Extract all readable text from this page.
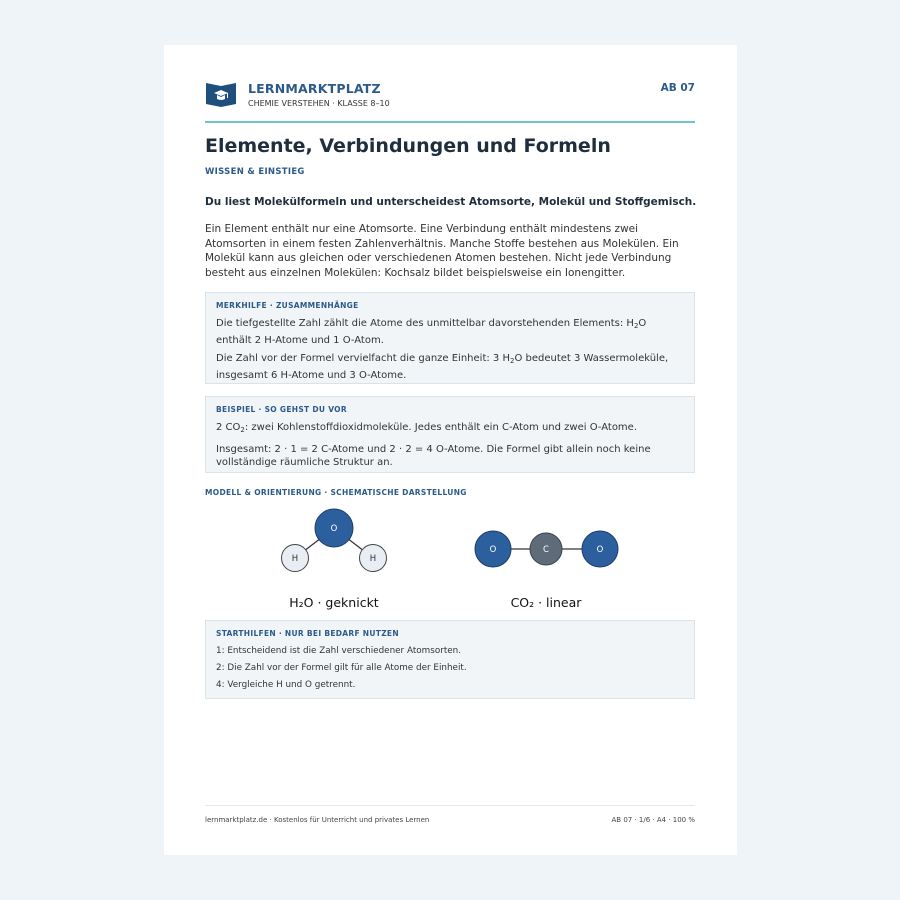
LERNMARKTPLATZ
CHEMIE VERSTEHEN · KLASSE 8–10
AB 07
Elemente, Verbindungen und Formeln
WISSEN & EINSTIEG
Du liest Molekülformeln und unterscheidest Atomsorte, Molekül und Stoffgemisch.
Ein Element enthält nur eine Atomsorte. Eine Verbindung enthält mindestens zwei Atomsorten in einem festen Zahlenverhältnis. Manche Stoffe bestehen aus Molekülen. Ein Molekül kann aus gleichen oder verschiedenen Atomen bestehen. Nicht jede Verbindung besteht aus einzelnen Molekülen: Kochsalz bildet beispielsweise ein Ionengitter.
MERKHILFE · ZUSAMMENHÄNGE

Die tiefgestellte Zahl zählt die Atome des unmittelbar davorstehenden Elements: $H_2O$ enthält 2 H-Atome und 1 O-Atom.

Die Zahl vor der Formel vervielfacht die ganze Einheit: 3 $H_2O$ bedeutet 3 Wassermoleküle, insgesamt 6 H-Atome und 3 O-Atome.

BEISPIEL · SO GEHST DU VOR

2 $CO_2$: zwei Kohlenstoffdioxidmoleküle. Jedes enthält ein C-Atom und zwei O-Atome.

Insgesamt: 2 · 1 = 2 C-Atome und 2 · 2 = 4 O-Atome. Die Formel gibt allein noch keine vollständige räumliche Struktur an.

MODELL & ORIENTIERUNG · SCHEMATISCHE DARSTELLUNG
O
H	H
H₂O · geknickt
O	C	O
CO₂ · linear
STARTHILFEN · NUR BEI BEDARF NUTZEN

1: Entscheidend ist die Zahl verschiedener Atomsorten.

2: Die Zahl vor der Formel gilt für alle Atome der Einheit.

4: Vergleiche H und O getrennt.

lernmarktplatz.de · Kostenlos für Unterricht und privates Lernen	AB 07 · 1/6 · A4 · 100 %
